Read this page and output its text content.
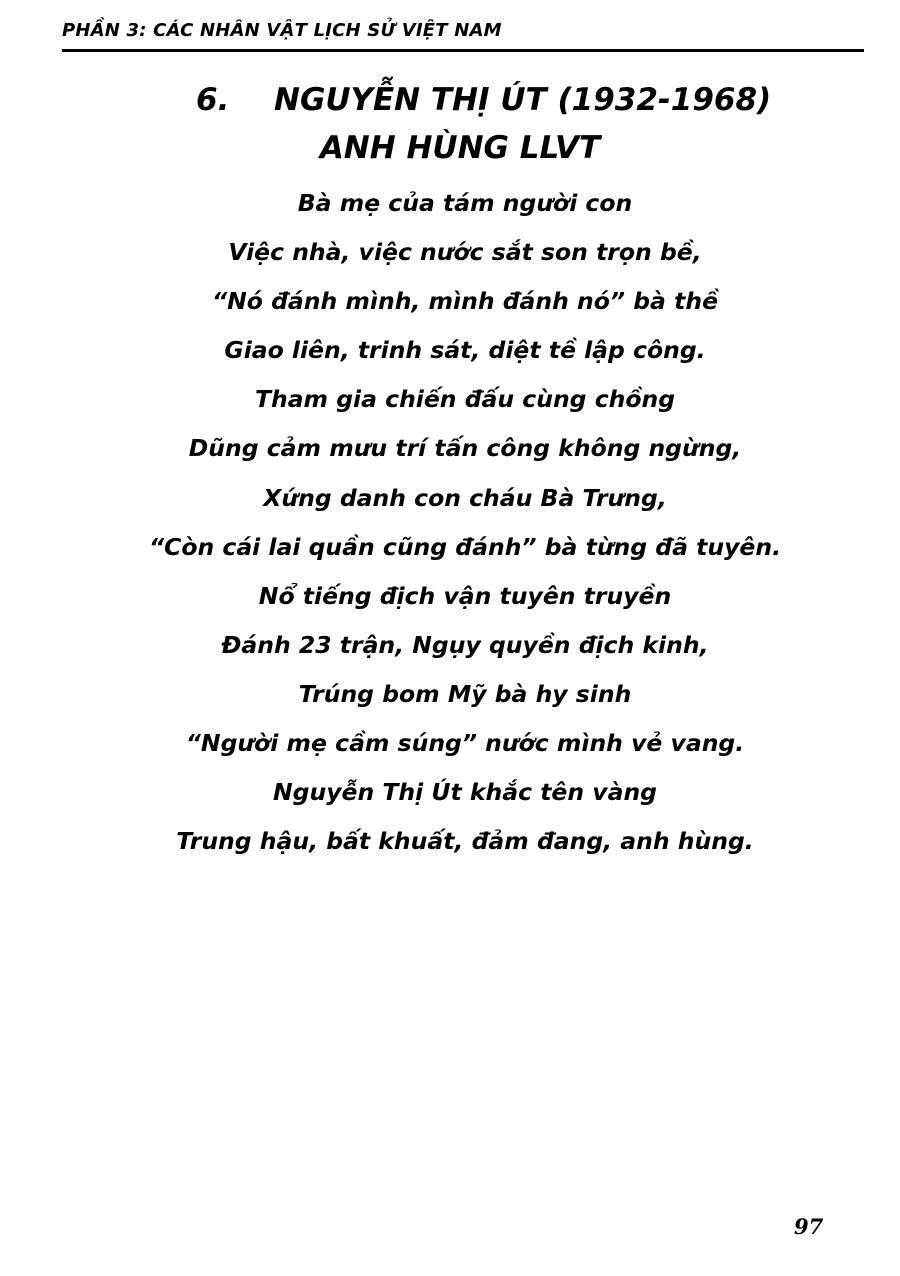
PHẦN 3: CÁC NHÂN VẬT LỊCH SỬ VIỆT NAM
6. NGUYỄN THỊ ÚT (1932-1968)
ANH HÙNG LLVT
Bà mẹ của tám người con
Việc nhà, việc nước sắt son trọn bề,
“Nó đánh mình, mình đánh nó” bà thề
Giao liên, trinh sát, diệt tề lập công.
Tham gia chiến đấu cùng chồng
Dũng cảm mưu trí tấn công không ngừng,
Xứng danh con cháu Bà Trưng,
“Còn cái lai quần cũng đánh” bà từng đã tuyên.
Nổ tiếng địch vận tuyên truyền
Đánh 23 trận, Ngụy quyền địch kinh,
Trúng bom Mỹ bà hy sinh
“Người mẹ cầm súng” nước mình vẻ vang.
Nguyễn Thị Út khắc tên vàng
Trung hậu, bất khuất, đảm đang, anh hùng.
97
